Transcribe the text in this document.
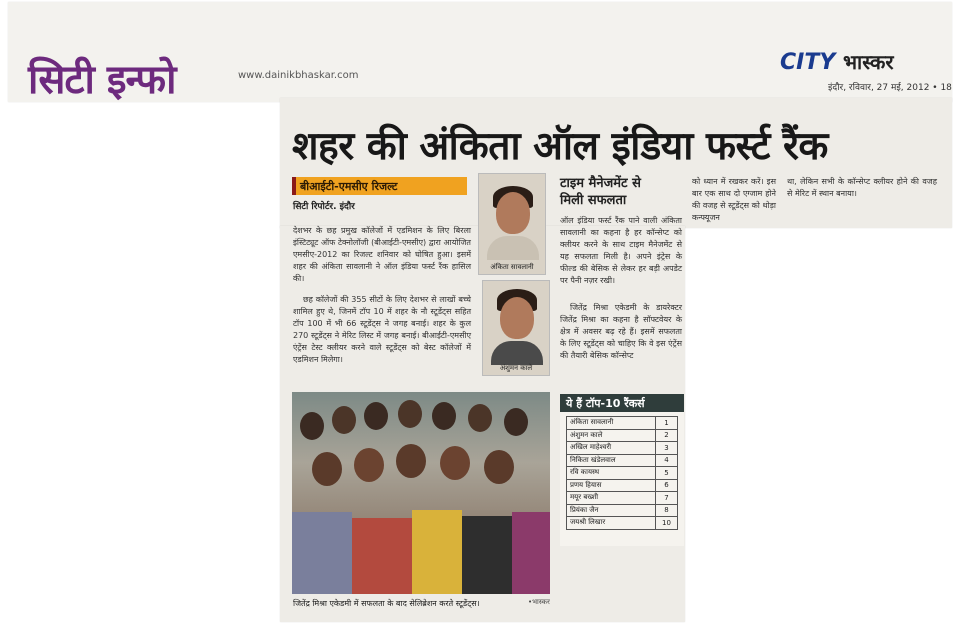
सिटी इन्फो	www.dainikbhaskar.com
CITY भास्कर
इंदौर, रविवार, 27 मई, 2012 • 18
शहर की अंकिता ऑल इंडिया फर्स्ट रैंक
बीआईटी-एमसीए रिजल्ट
सिटी रिपोर्टर. इंदौर
देशभर के छह प्रमुख कॉलेजों में एडमिशन के लिए बिरला इंस्टिट्यूट ऑफ टेक्नोलॉजी (बीआईटी-एमसीए) द्वारा आयोजित एमसीए-2012 का रिजल्ट शनिवार को घोषित हुआ। इसमें शहर की अंकिता सावलानी ने ऑल इंडिया फर्स्ट रैंक हासिल की।
छह कॉलेजों की 355 सीटों के लिए देशभर से लाखों बच्चे शामिल हुए थे, जिनमें टॉप 10 में शहर के नौ स्टूडेंट्स सहित टॉप 100 में भी 66 स्टूडेंट्स ने जगह बनाई। शहर के कुल 270 स्टूडेंट्स ने मेरिट लिस्ट में जगह बनाई। बीआईटी-एमसीए एंट्रेंस टेस्ट क्लीयर करने वाले स्टूडेंट्स को बेस्ट कॉलेजों में एडमिशन मिलेगा।
अंकिता सावलानी
अंशुमन काले
टाइम मैनेजमेंट से
मिली सफलता
ऑल इंडिया फर्स्ट रैंक पाने वाली अंकिता सावलानी का कहना है हर कॉन्सेप्ट को क्लीयर करने के साथ टाइम मैनेजमेंट से यह सफलता मिली है। अपने इंट्रेस के फील्ड की बेसिक से लेकर हर बड़ी अपडेट पर पैनी नज़र रखी।
जितेंद्र मिश्रा एकेडमी के डायरेक्टर जितेंद्र मिश्रा का कहना है सॉफ्टवेयर के क्षेत्र में अवसर बढ़ रहे हैं। इसमें सफलता के लिए स्टूडेंट्स को चाहिए कि वे इस एंट्रेंस की तैयारी बेसिक कॉन्सेप्ट
को ध्यान में रखकर करें। इस बार एक साथ दो एग्जाम होने की वजह से स्टूडेंट्स को थोड़ा कन्फ्यूजन
था, लेकिन सभी के कॉन्सेप्ट क्लीयर होने की वजह से मेरिट में स्थान बनाया।
जितेंद्र मिश्रा एकेडमी में सफलता के बाद सेलिब्रेशन करते स्टूडेंट्स।	•भास्कर
ये हैं टॉप-10 रैंकर्स
अंकिता सावलानी	1
अंशुमन काले	2
अखिल माहेश्वरी	3
निकिता खंडेलवाल	4
रवि कायस्थ	5
प्रणय हियास	6
मयूर बख्शी	7
प्रियंका जैन	8
जयश्री लिखार	10
